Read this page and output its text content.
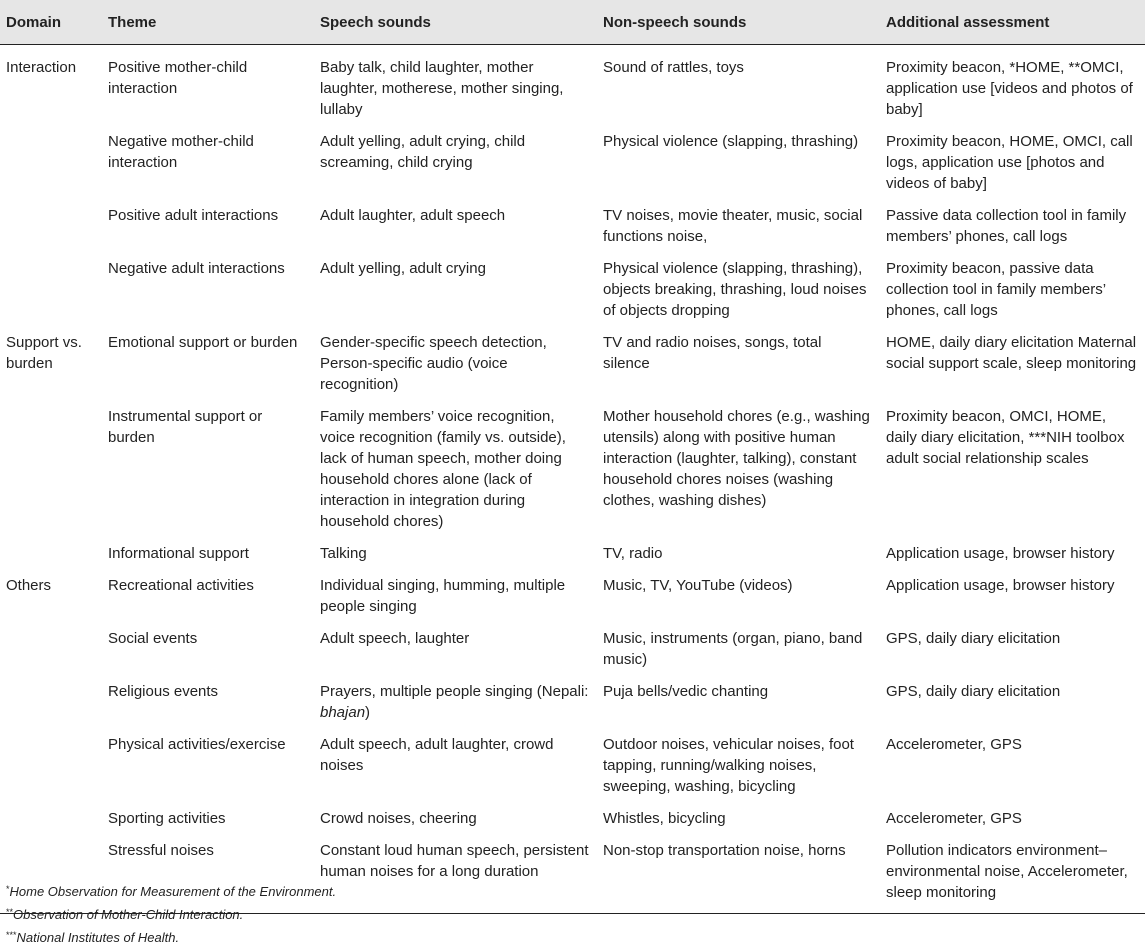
Domain	Theme	Speech sounds	Non-speech sounds	Additional assessment
Interaction	Positive mother-child interaction	Baby talk, child laughter, mother laughter, motherese, mother singing, lullaby	Sound of rattles, toys	Proximity beacon, *HOME, **OMCI, application use [videos and photos of baby]
	Negative mother-child interaction	Adult yelling, adult crying, child screaming, child crying	Physical violence (slapping, thrashing)	Proximity beacon, HOME, OMCI, call logs, application use [photos and videos of baby]
	Positive adult interactions	Adult laughter, adult speech	TV noises, movie theater, music, social functions noise,	Passive data collection tool in family members’ phones, call logs
	Negative adult interactions	Adult yelling, adult crying	Physical violence (slapping, thrashing), objects breaking, thrashing, loud noises of objects dropping	Proximity beacon, passive data collection tool in family members’ phones, call logs
Support vs. burden	Emotional support or burden	Gender-specific speech detection, Person-specific audio (voice recognition)	TV and radio noises, songs, total silence	HOME, daily diary elicitation Maternal social support scale, sleep monitoring
	Instrumental support or burden	Family members’ voice recognition, voice recognition (family vs. outside), lack of human speech, mother doing household chores alone (lack of interaction in integration during household chores)	Mother household chores (e.g., washing utensils) along with positive human interaction (laughter, talking), constant household chores noises (washing clothes, washing dishes)	Proximity beacon, OMCI, HOME, daily diary elicitation, ***NIH toolbox adult social relationship scales
	Informational support	Talking	TV, radio	Application usage, browser history
Others	Recreational activities	Individual singing, humming, multiple people singing	Music, TV, YouTube (videos)	Application usage, browser history
	Social events	Adult speech, laughter	Music, instruments (organ, piano, band music)	GPS, daily diary elicitation
	Religious events	Prayers, multiple people singing (Nepali: bhajan)	Puja bells/vedic chanting	GPS, daily diary elicitation
	Physical activities/exercise	Adult speech, adult laughter, crowd noises	Outdoor noises, vehicular noises, foot tapping, running/walking noises, sweeping, washing, bicycling	Accelerometer, GPS
	Sporting activities	Crowd noises, cheering	Whistles, bicycling	Accelerometer, GPS
	Stressful noises	Constant loud human speech, persistent human noises for a long duration	Non-stop transportation noise, horns	Pollution indicators environment–environmental noise, Accelerometer, sleep monitoring
*Home Observation for Measurement of the Environment.
**Observation of Mother-Child Interaction.
***National Institutes of Health.
